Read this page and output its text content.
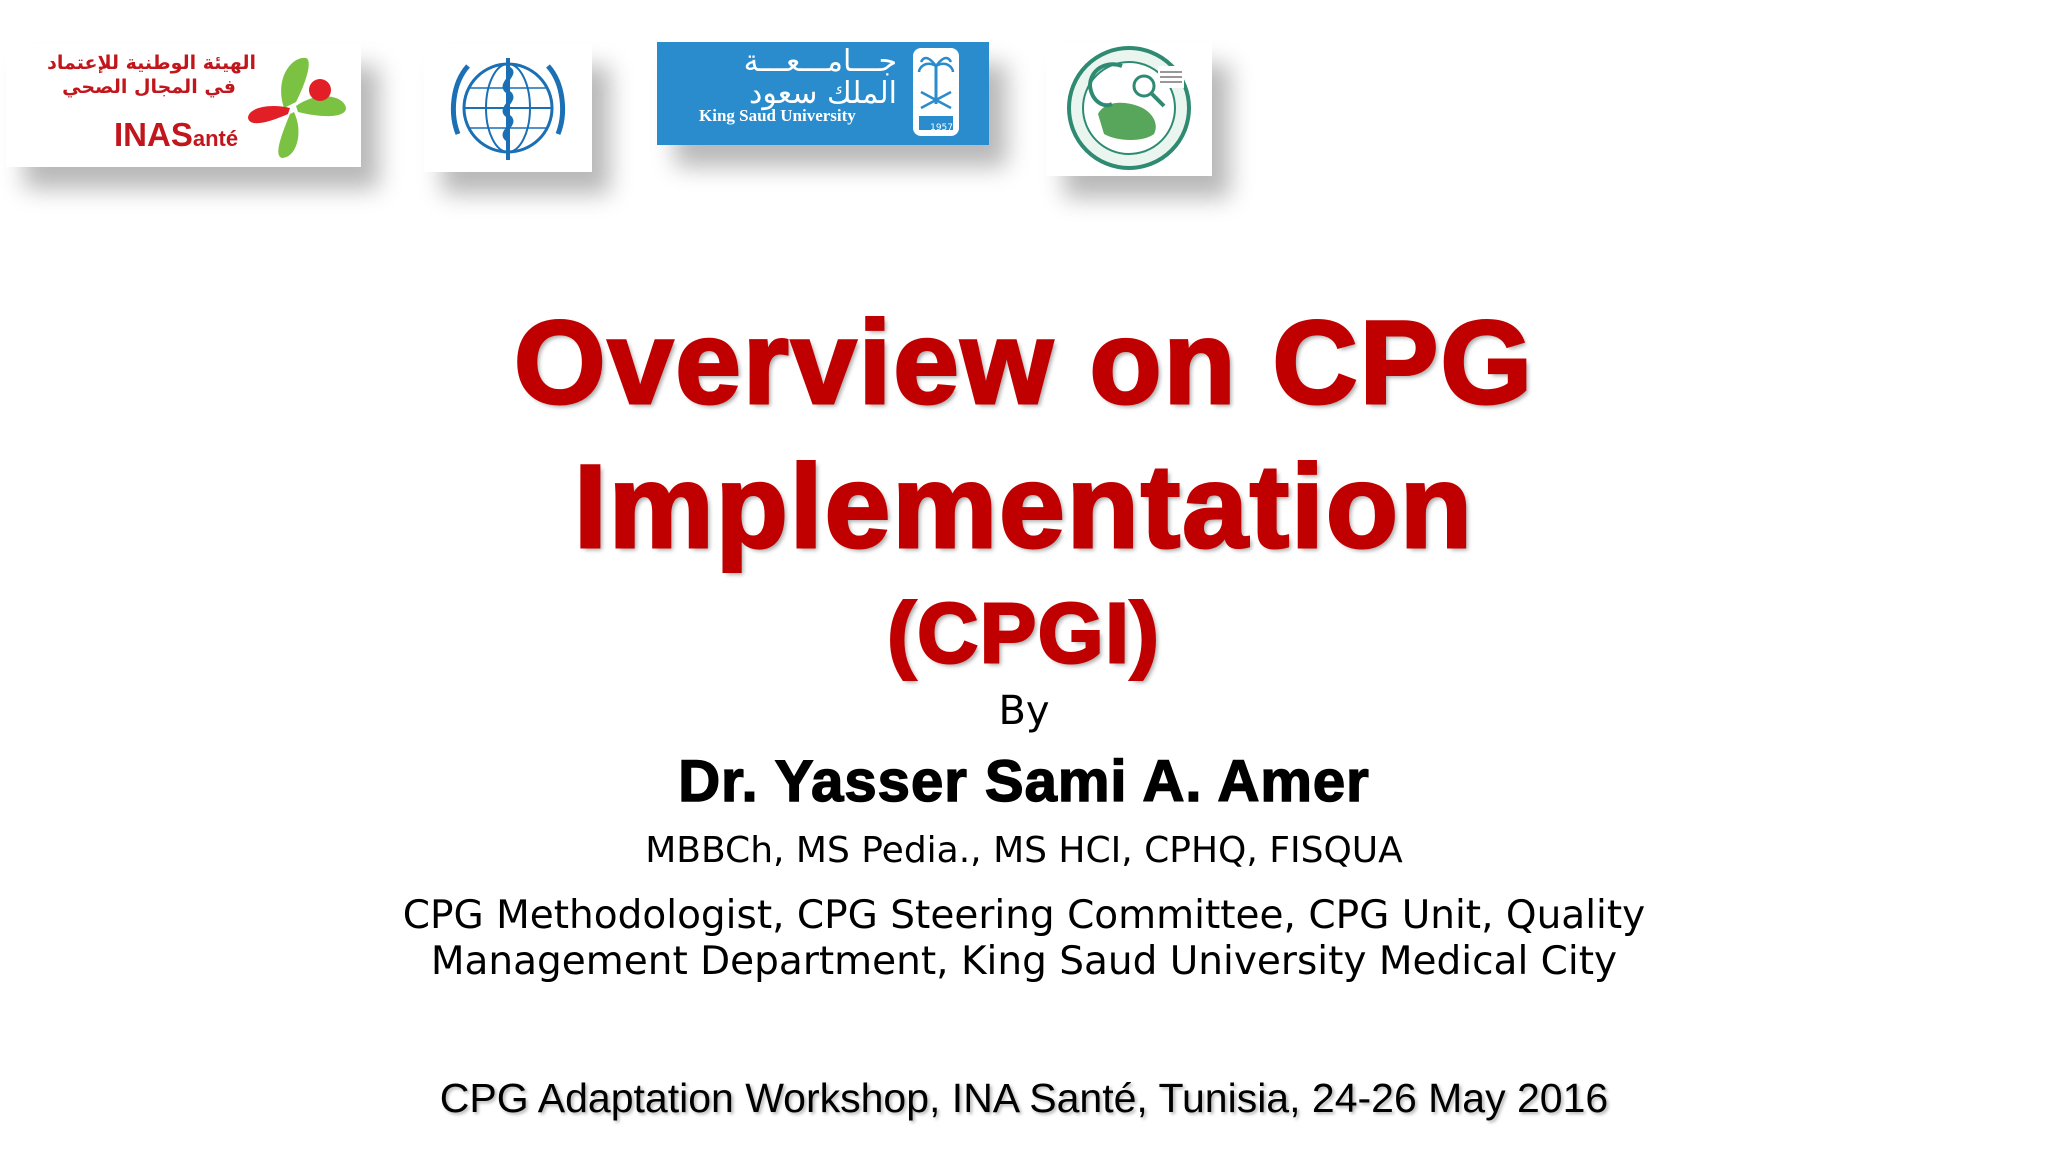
الهيئة الوطنية للإعتماد
في المجال الصحي
INASanté
جـــامـــعـــة
الملك سعود
King Saud University
1957
Overview on CPG
Implementation
(CPGI)
By
Dr. Yasser Sami A. Amer
MBBCh, MS Pedia., MS HCI, CPHQ, FISQUA
CPG Methodologist, CPG Steering Committee, CPG Unit, Quality
Management Department, King Saud University Medical City
CPG Adaptation Workshop, INA Santé, Tunisia, 24-26 May 2016
